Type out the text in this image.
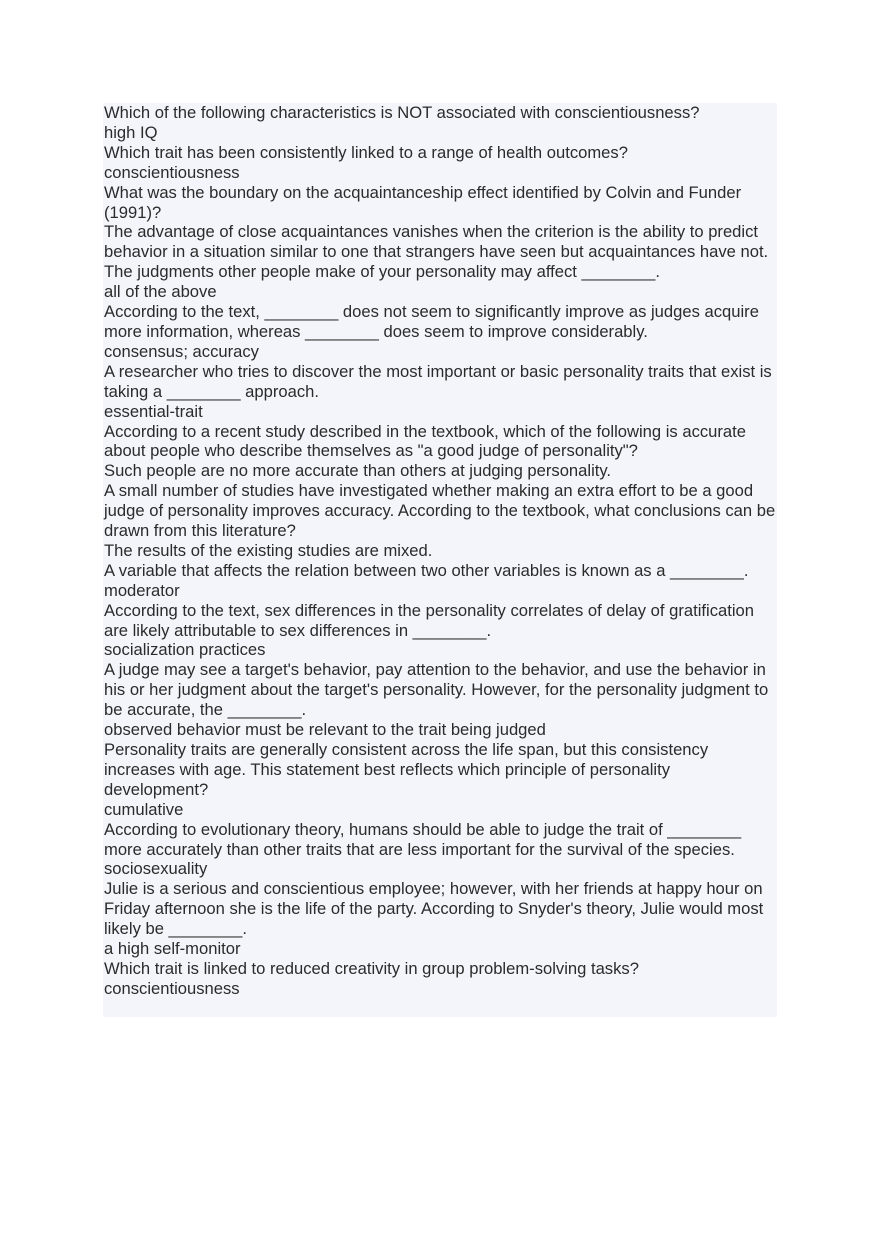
Which of the following characteristics is NOT associated with conscientiousness?

high IQ

Which trait has been consistently linked to a range of health outcomes?

conscientiousness

What was the boundary on the acquaintanceship effect identified by Colvin and Funder (1991)?

The advantage of close acquaintances vanishes when the criterion is the ability to predict behavior in a situation similar to one that strangers have seen but acquaintances have not.

The judgments other people make of your personality may affect ________.

all of the above

According to the text, ________ does not seem to significantly improve as judges acquire more information, whereas ________ does seem to improve considerably.

consensus; accuracy

A researcher who tries to discover the most important or basic personality traits that exist is taking a ________ approach.

essential-trait

According to a recent study described in the textbook, which of the following is accurate about people who describe themselves as "a good judge of personality"?

Such people are no more accurate than others at judging personality.

A small number of studies have investigated whether making an extra effort to be a good judge of personality improves accuracy. According to the textbook, what conclusions can be drawn from this literature?

The results of the existing studies are mixed.

A variable that affects the relation between two other variables is known as a ________.

moderator

According to the text, sex differences in the personality correlates of delay of gratification are likely attributable to sex differences in ________.

socialization practices

A judge may see a target's behavior, pay attention to the behavior, and use the behavior in his or her judgment about the target's personality. However, for the personality judgment to be accurate, the ________.

observed behavior must be relevant to the trait being judged

Personality traits are generally consistent across the life span, but this consistency increases with age. This statement best reflects which principle of personality development?

cumulative

According to evolutionary theory, humans should be able to judge the trait of ________ more accurately than other traits that are less important for the survival of the species.

sociosexuality

Julie is a serious and conscientious employee; however, with her friends at happy hour on Friday afternoon she is the life of the party. According to Snyder's theory, Julie would most likely be ________.

a high self-monitor

Which trait is linked to reduced creativity in group problem-solving tasks?

conscientiousness
